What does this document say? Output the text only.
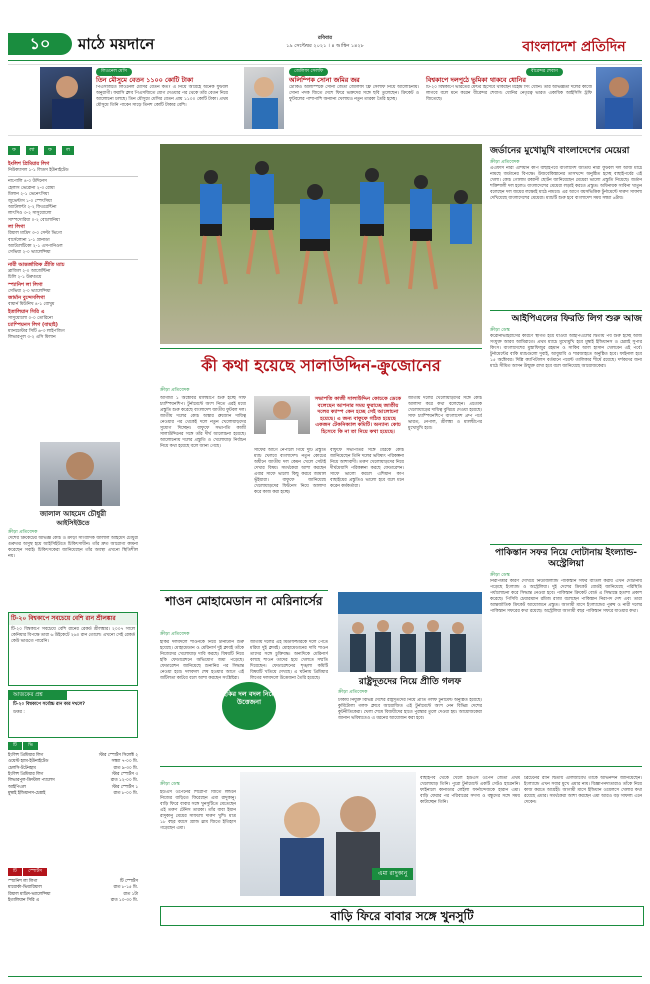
১০	মাঠে ময়দানে	রবিবার
১৯ সেপ্টেম্বর ২০২১ । ৪ আশ্বিন ১৪২৮	বাংলাদেশ প্রতিদিন
লিওনেল মেসি
তিন মৌসুমে বেতন ১১০০ কোটি টাকা
পিএসজিতে লিওনেল মেসির বেতন কত? এ নিয়ে আগ্রহে অনেক ফুটবল অনুরাগী। ফরাসি ক্লাব পিএসজিতে যোগ দেওয়ার পর থেকে তাঁর বেতন নিয়ে আলোচনা চলছে। তিন মৌসুমে মেসির বেতন প্রায় ১১০০ কোটি টাকা। প্রথম মৌসুমে তিনি পাবেন সাড়ে তিনশ কোটি টাকার বেশি।
জেলিফা সেলফি
অলিম্পিক সোনা জমির জর
টোকিও অলিম্পিকে সোনা জেতা জেলিফা ফ্রি সেলফি নিয়ে আলোচনায়। সোনা পদক জিতে দেশে ফিরে ভক্তদের সঙ্গে ছবি তুলেছেন। ক্রিকেট ও ফুটবলের পাশাপাশি অন্যান্য খেলায়ও নতুন তারকা তৈরি হচ্ছে।
বীরেন্দর শেবাগ
বিশ্বকাপে দলপুঠে ভুমিকা থাকবে ধোনির
টি-২০ বিশ্বকাপে ভারতের মেন্টর হিসেবে থাকছেন মহেন্দ্র সিং ধোনি। তাঁর অভিজ্ঞতা দলের কাজে লাগবে বলে মনে করেন বীরেন্দর শেবাগ। ধোনির নেতৃত্বে ভারত একাধিক আইসিসি ট্রফি জিতেছে।
ফ	লা	ফ	ল
ইংলিশ প্রিমিয়ার লিগ
নিউক্যাসল ১-১ লিডস ইউনাইটেড
নাপোলি ৪-০ উদিনেস
হেলাস ভেরোনা ২-৩ রোমা
মিলান ২-১ ভেনেৎসিয়া
জুভেন্টাস ১-০ স্পেৎসিয়া
অ্যাটলান্টা ২-২ ফিওরেন্টিনা
লাৎসিও ৩-২ সাসুয়োলো
সাম্পদোরিয়া ০-২ বোলোনিয়া
লা লিগা
রিয়াল মাদ্রিদ ৩-০ সেল্টা ভিগো
বার্সেলোনা ১-১ গ্রানাডা
অ্যাটলেটিকো ২-১ এসপানিওল
সেভিয়া ২-০ ভ্যালেন্সিয়া
নারী আন্তর্জাতিক প্রীতি ম্যাচ
ব্রাজিল ২-০ আর্জেন্টিনা
চিলি ২-১ উরুগুয়ে
স্প্যানিশ লা লিগা
সেভিয়া ২-০ ভ্যালেন্সিয়া
জার্মান বুন্দেসলিগা
বায়ার্ন মিউনিখ ৪-১ বোখুম
ইতালিয়ান সিরি এ
সাসুয়োলো ০-০ তোরিনো
চ্যাম্পিয়নস লিগ (বাছাই)
ম্যানচেস্টার সিটি ৬-৩ লাইপজিগ
লিভারপুল ৩-২ এসি মিলান
জালাল আহমেদ চৌধুরী
আইসিইউতে
ক্রীড়া প্রতিবেদক
দেশের ক্রিকেটের অভিজ্ঞ কোচ ও ক্রীড়া সাংবাদিক জালাল আহমেদ চৌধুরী গুরুতর অসুস্থ হয়ে আইসিইউতে চিকিৎসাধীন। তাঁর দ্রুত আরোগ্য কামনা করেছেন সবাই। চিকিৎসকেরা জানিয়েছেন তাঁর অবস্থা এখনো স্থিতিশীল নয়।
টি-২০ বিশ্বকাপে সবচেয়ে বেশি রান শ্রীলঙ্কার
টি-২০ বিশ্বকাপে সবচেয়ে বেশি রানের রেকর্ড শ্রীলঙ্কার। ২০০৭ সালে কেনিয়ার বিপক্ষে তারা ৬ উইকেটে ২৬০ রান তোলে। এখনো সেই রেকর্ড কেউ ভাঙতে পারেনি।
আজকের প্রশ্ন
টি-২০ বিশ্বকাপে সর্বোচ্চ রান কার দখলে?
উত্তর :
টি	ভি
ইংলিশ প্রিমিয়ার লিগ	স্টার স্পোর্টস সিলেক্ট ২
ওয়েস্ট হ্যাম-ইউনাইটেড	সন্ধ্যা ৭-০০ মি.
চেলসি-টটেনহাম	রাত ৯-৩০ মি.
ইংলিশ প্রিমিয়ার লিগ	স্টার স্পোর্টস ৩
লিভারপুল-ক্রিস্টাল প্যালেস	রাত ১২-০০ মি.
আইপিএল	স্টার স্পোর্টস ১
মুম্বাই ইন্ডিয়ানস-চেন্নাই	রাত ৮-০০ মি.
টি	স্পোর্টস
স্প্যানিশ লা লিগা	টি স্পোর্টস
মায়োর্কা-ভিয়ারিয়াল	রাত ৮-১৫ মি.
রিয়াল মাদ্রিদ-ভ্যালেন্সিয়া	রাত ১টা
ইতালিয়ান সিরি এ	রাত ১০-৩০ মি.
জর্ডানের মুখোমুখি বাংলাদেশের মেয়েরা
ক্রীড়া প্রতিবেদক
এএফসি নারী এশিয়ান কাপ বাছাইপর্বে বাংলাদেশ জাতীয় নারী ফুটবল দল আজ মাঠে নামছে জর্ডানের বিপক্ষে। উজবেকিস্তানের তাসখন্দে অনুষ্ঠিত হচ্ছে বাছাইপর্বের এই খেলা। কোচ গোলাম রব্বানী ছোটন জানিয়েছেন মেয়েরা ভালো প্রস্তুতি নিয়েছে। জর্ডান শক্তিশালী দল হলেও বাংলাদেশের মেয়েরা লড়াই করতে প্রস্তুত। অধিনায়ক সাবিনা খাতুন বলেছেন দল জয়ের লক্ষ্যেই মাঠে নামবে। এর আগে বয়সভিত্তিক টুর্নামেন্টে দারুণ সাফল্য দেখিয়েছে বাংলাদেশের মেয়েরা। ম্যাচটি শুরু হবে বাংলাদেশ সময় সন্ধ্যা ৬টায়।
আইপিএলের ফিরতি লিগ শুরু আজ
ক্রীড়া ডেস্ক
করোনাভাইরাসের কারণে স্থগিত হয়ে যাওয়া আইপিএলের দ্বিতীয় পর্ব শুরু হচ্ছে আজ সংযুক্ত আরব আমিরাতে। প্রথম ম্যাচে মুখোমুখি হবে মুম্বাই ইন্ডিয়ানস ও চেন্নাই সুপার কিংস। বাংলাদেশের মুস্তাফিজুর রহমান ও সাকিব আল হাসান খেলবেন এই পর্বে। টুর্নামেন্টের বাকি ম্যাচগুলো দুবাই, আবুধাবি ও শারজাহতে অনুষ্ঠিত হবে। ফাইনাল হবে ১৫ অক্টোবর। দিল্লি ক্যাপিটালস বর্তমানে পয়েন্ট তালিকার শীর্ষে রয়েছে। দর্শকদের জন্য মাঠে সীমিত আসন উন্মুক্ত রাখা হবে বলে জানিয়েছে আয়োজকেরা।
পাকিস্তান সফর নিয়ে দোটানায় ইংল্যান্ড-অস্ট্রেলিয়া
ক্রীড়া ডেস্ক
নিরাপত্তার কারণ দেখিয়ে নিউজিল্যান্ড পাকিস্তান সফর বাতিল করায় এখন দোটানায় পড়েছে ইংল্যান্ড ও অস্ট্রেলিয়া। দুই দেশের ক্রিকেট বোর্ডই জানিয়েছে পরিস্থিতি পর্যালোচনা করে সিদ্ধান্ত নেওয়া হবে। পাকিস্তান ক্রিকেট বোর্ড এ সিদ্ধান্তে হতাশা প্রকাশ করেছে। পিসিবি চেয়ারম্যান রমিজ রাজা বলেছেন পাকিস্তান নিরাপদ দেশ এবং তারা আন্তর্জাতিক ক্রিকেট আয়োজনে প্রস্তুত। আগামী মাসে ইংল্যান্ডের পুরুষ ও নারী দলের পাকিস্তান সফরের কথা রয়েছে। অস্ট্রেলিয়া আগামী বছর পাকিস্তান সফরে যাওয়ার কথা।
কী কথা হয়েছে সালাউদ্দিন-ক্রুজোনের
ক্রীড়া প্রতিবেদক
আগামী ১ অক্টোবর মালদ্বীপে শুরু হচ্ছে সাফ চ্যাম্পিয়নশিপ। টুর্নামেন্টে অংশ নিতে এরই মধ্যে প্রস্তুতি শুরু করেছে বাংলাদেশ জাতীয় ফুটবল দল। জাতীয় দলের কোচ অস্কার ব্রুজোন দায়িত্ব নেওয়ার পর থেকেই দলে নতুন খেলোয়াড়দের সুযোগ দিচ্ছেন। বাফুফে সভাপতি কাজী সালাউদ্দিনের সঙ্গে তাঁর দীর্ঘ আলোচনা হয়েছে। আলোচনায় দলের প্রস্তুতি ও খেলোয়াড় নির্বাচন নিয়ে কথা হয়েছে বলে জানা গেছে।
সভাপতি কাজী সালাউদ্দিন কোচকে ডেকে বলেছেন আপনার সময় ফুরাচ্ছে জাতীয় দলের ক্যাম্প কেন হচ্ছে সেই আলোচনা হয়েছে। এ জন্য বাফুফে গঠিত হয়েছে একজন টেকনিক্যাল কমিটি। অন্যান্য কোচ হিসেবে কি না তা নিয়ে কথা হয়েছে।
সাফের আগে নেপালে গিয়ে দুটি প্রস্তুতি ম্যাচ খেলবে বাংলাদেশ। নতুন কোচের অধীনে জাতীয় দল কেমন খেলে সেটাই দেখার বিষয়। সমর্থকেরা আশা করছেন এবার সাফে ভালো কিছু করবে জামাল ভূঁইয়ারা। বাফুফে জানিয়েছে খেলোয়াড়দের ফিটনেস নিয়ে আলাদা করে কাজ করা হচ্ছে।
বাফুফে সভাপতির সঙ্গে বৈঠকে কোচ জানিয়েছেন তিনি দলের ভবিষ্যৎ পরিকল্পনা নিয়ে আশাবাদী। তরুণ খেলোয়াড়দের নিয়ে দীর্ঘমেয়াদি পরিকল্পনা করছে ফেডারেশন। সাফে ভালো করলে এশিয়ান কাপ বাছাইয়ের প্রস্তুতিও ভালো হবে বলে মনে করেন কর্মকর্তারা।
জাতীয় দলের খেলোয়াড়দের সঙ্গে কোচ আলাদা করে কথা বলেছেন। প্রত্যেক খেলোয়াড়ের দায়িত্ব বুঝিয়ে দেওয়া হয়েছে। সাফ চ্যাম্পিয়নশিপে বাংলাদেশ গ্রুপ পর্বে ভারত, নেপাল, শ্রীলঙ্কা ও মালদ্বীপের মুখোমুখি হবে।
শাওন মোহামেডান না মেরিনার্সের
ক্রীড়া প্রতিবেদক
হকির দলবদলে শাওনকে নিয়ে টানাটানি শুরু হয়েছে। মোহামেডান ও মেরিনার্স দুই ক্লাবই তাঁকে নিজেদের খেলোয়াড় দাবি করছে। বিষয়টি নিয়ে হকি ফেডারেশনে অভিযোগ জমা পড়েছে। ফেডারেশন জানিয়েছে শুনানির পর সিদ্ধান্ত নেওয়া হবে। দলবদল শেষ হওয়ার আগে এই জটিলতা কাটবে বলে আশা করছেন সংশ্লিষ্টরা।
হকির দল বদল নিয়ে উত্তেজনা
জাতীয় দলের এই মিডফিল্ডারকে দলে পেতে মরিয়া দুই ক্লাবই। মোহামেডানের দাবি শাওন তাদের সঙ্গে চুক্তিবদ্ধ। অন্যদিকে মেরিনার্স বলছে শাওন তাদের হয়ে খেলতে সম্মতি দিয়েছেন। ফেডারেশনের শৃঙ্খলা কমিটি বিষয়টি খতিয়ে দেখছে। এ ঘটনায় প্রিমিয়ার লিগের দলবদলে উত্তেজনা তৈরি হয়েছে।	রাষ্ট্রদূতদের নিয়ে প্রীতি গলফ
ক্রীড়া প্রতিবেদক
ঢাকায় নিযুক্ত বিভিন্ন দেশের রাষ্ট্রদূতদের নিয়ে প্রীতি গলফ টুর্নামেন্ট অনুষ্ঠিত হয়েছে। কুর্মিটোলা গলফ ক্লাবে আয়োজিত এই টুর্নামেন্টে অংশ নেন বিভিন্ন দেশের কূটনীতিকেরা। খেলা শেষে বিজয়ীদের হাতে পুরস্কার তুলে দেওয়া হয়। আয়োজকেরা জানান ভবিষ্যতেও এ ধরনের আয়োজন করা হবে।
এমা রাদুকানু
বাড়ি ফিরে বাবার সঙ্গে খুনসুটি
ক্রীড়া ডেস্ক
ইউএস ওপেনের শিরোপা জিতে লন্ডনে নিজের বাড়িতে ফিরেছেন এমা রাদুকানু। বাড়ি ফিরে বাবার সঙ্গে খুনসুটিতে মেতেছেন এই তরুণ টেনিস তারকা। তাঁর বাবা ইয়ান রাদুকানু মেয়ের সাফল্যে দারুণ খুশি। মাত্র ১৮ বছর বয়সে গ্র্যান্ড স্লাম জিতে ইতিহাস গড়েছেন এমা।
বাছাইপর্ব থেকে খেলে ইউএস ওপেন জেতা প্রথম খেলোয়াড় তিনি। পুরো টুর্নামেন্টে একটি সেটও হারেননি। ফাইনালে কানাডার লেইলা ফার্নান্দেজকে হারান এমা। বাড়ি ফেরার পর পরিবারের সদস্য ও বন্ধুদের সঙ্গে সময় কাটাচ্ছেন তিনি।
ব্রিটেনের রানি দ্বিতীয় এলিজাবেথ তাঁকে অভিনন্দন জানিয়েছেন। ইংল্যান্ডে এখন সবার মুখে এমার নাম। বিজ্ঞাপনদাতারাও তাঁকে নিয়ে কাজ করতে আগ্রহী। আগামী মাসে ইন্ডিয়ান ওয়েলসে খেলার কথা রয়েছে এমার। সমর্থকেরা আশা করছেন এমা আরও বড় সাফল্য এনে দেবেন।
